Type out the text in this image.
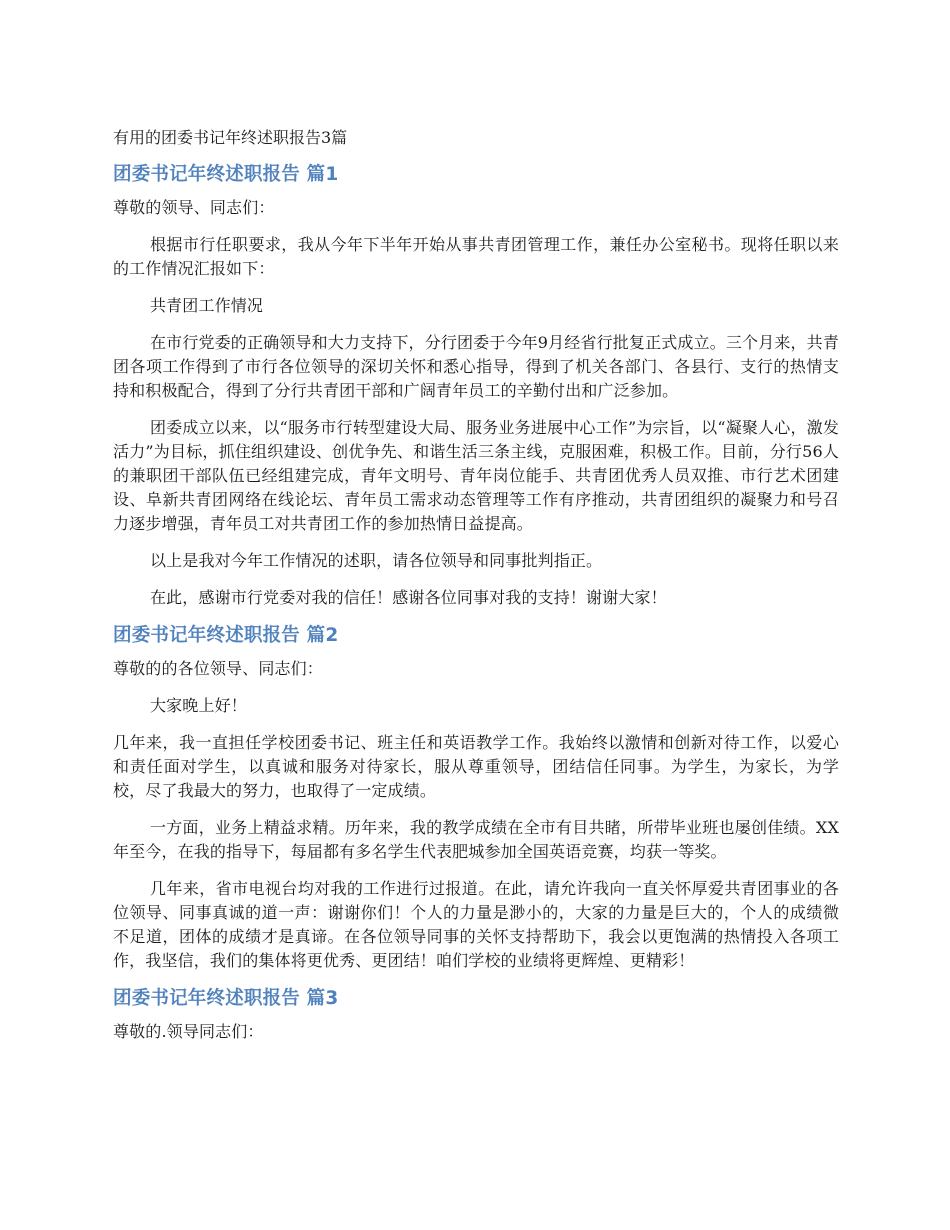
有用的团委书记年终述职报告3篇
团委书记年终述职报告 篇1

尊敬的领导、同志们：

根据市行任职要求，我从今年下半年开始从事共青团管理工作，兼任办公室秘书。现将任职以来的工作情况汇报如下：

共青团工作情况

在市行党委的正确领导和大力支持下，分行团委于今年9月经省行批复正式成立。三个月来，共青团各项工作得到了市行各位领导的深切关怀和悉心指导，得到了机关各部门、各县行、支行的热情支持和积极配合，得到了分行共青团干部和广阔青年员工的辛勤付出和广泛参加。

团委成立以来，以“服务市行转型建设大局、服务业务进展中心工作”为宗旨，以“凝聚人心，激发活力”为目标，抓住组织建设、创优争先、和谐生活三条主线，克服困难，积极工作。目前，分行56人的兼职团干部队伍已经组建完成，青年文明号、青年岗位能手、共青团优秀人员双推、市行艺术团建设、阜新共青团网络在线论坛、青年员工需求动态管理等工作有序推动，共青团组织的凝聚力和号召力逐步增强，青年员工对共青团工作的参加热情日益提高。

以上是我对今年工作情况的述职，请各位领导和同事批判指正。

在此，感谢市行党委对我的信任！感谢各位同事对我的支持！谢谢大家！

团委书记年终述职报告 篇2

尊敬的的各位领导、同志们：

大家晚上好！

几年来，我一直担任学校团委书记、班主任和英语教学工作。我始终以激情和创新对待工作，以爱心和责任面对学生，以真诚和服务对待家长，服从尊重领导，团结信任同事。为学生，为家长，为学校，尽了我最大的努力，也取得了一定成绩。

一方面，业务上精益求精。历年来，我的教学成绩在全市有目共睹，所带毕业班也屡创佳绩。XX年至今，在我的指导下，每届都有多名学生代表肥城参加全国英语竞赛，均获一等奖。

几年来，省市电视台均对我的工作进行过报道。在此，请允许我向一直关怀厚爱共青团事业的各位领导、同事真诚的道一声：谢谢你们！个人的力量是渺小的，大家的力量是巨大的，个人的成绩微不足道，团体的成绩才是真谛。在各位领导同事的关怀支持帮助下，我会以更饱满的热情投入各项工作，我坚信，我们的集体将更优秀、更团结！咱们学校的业绩将更辉煌、更精彩！

团委书记年终述职报告 篇3

尊敬的.领导同志们：
